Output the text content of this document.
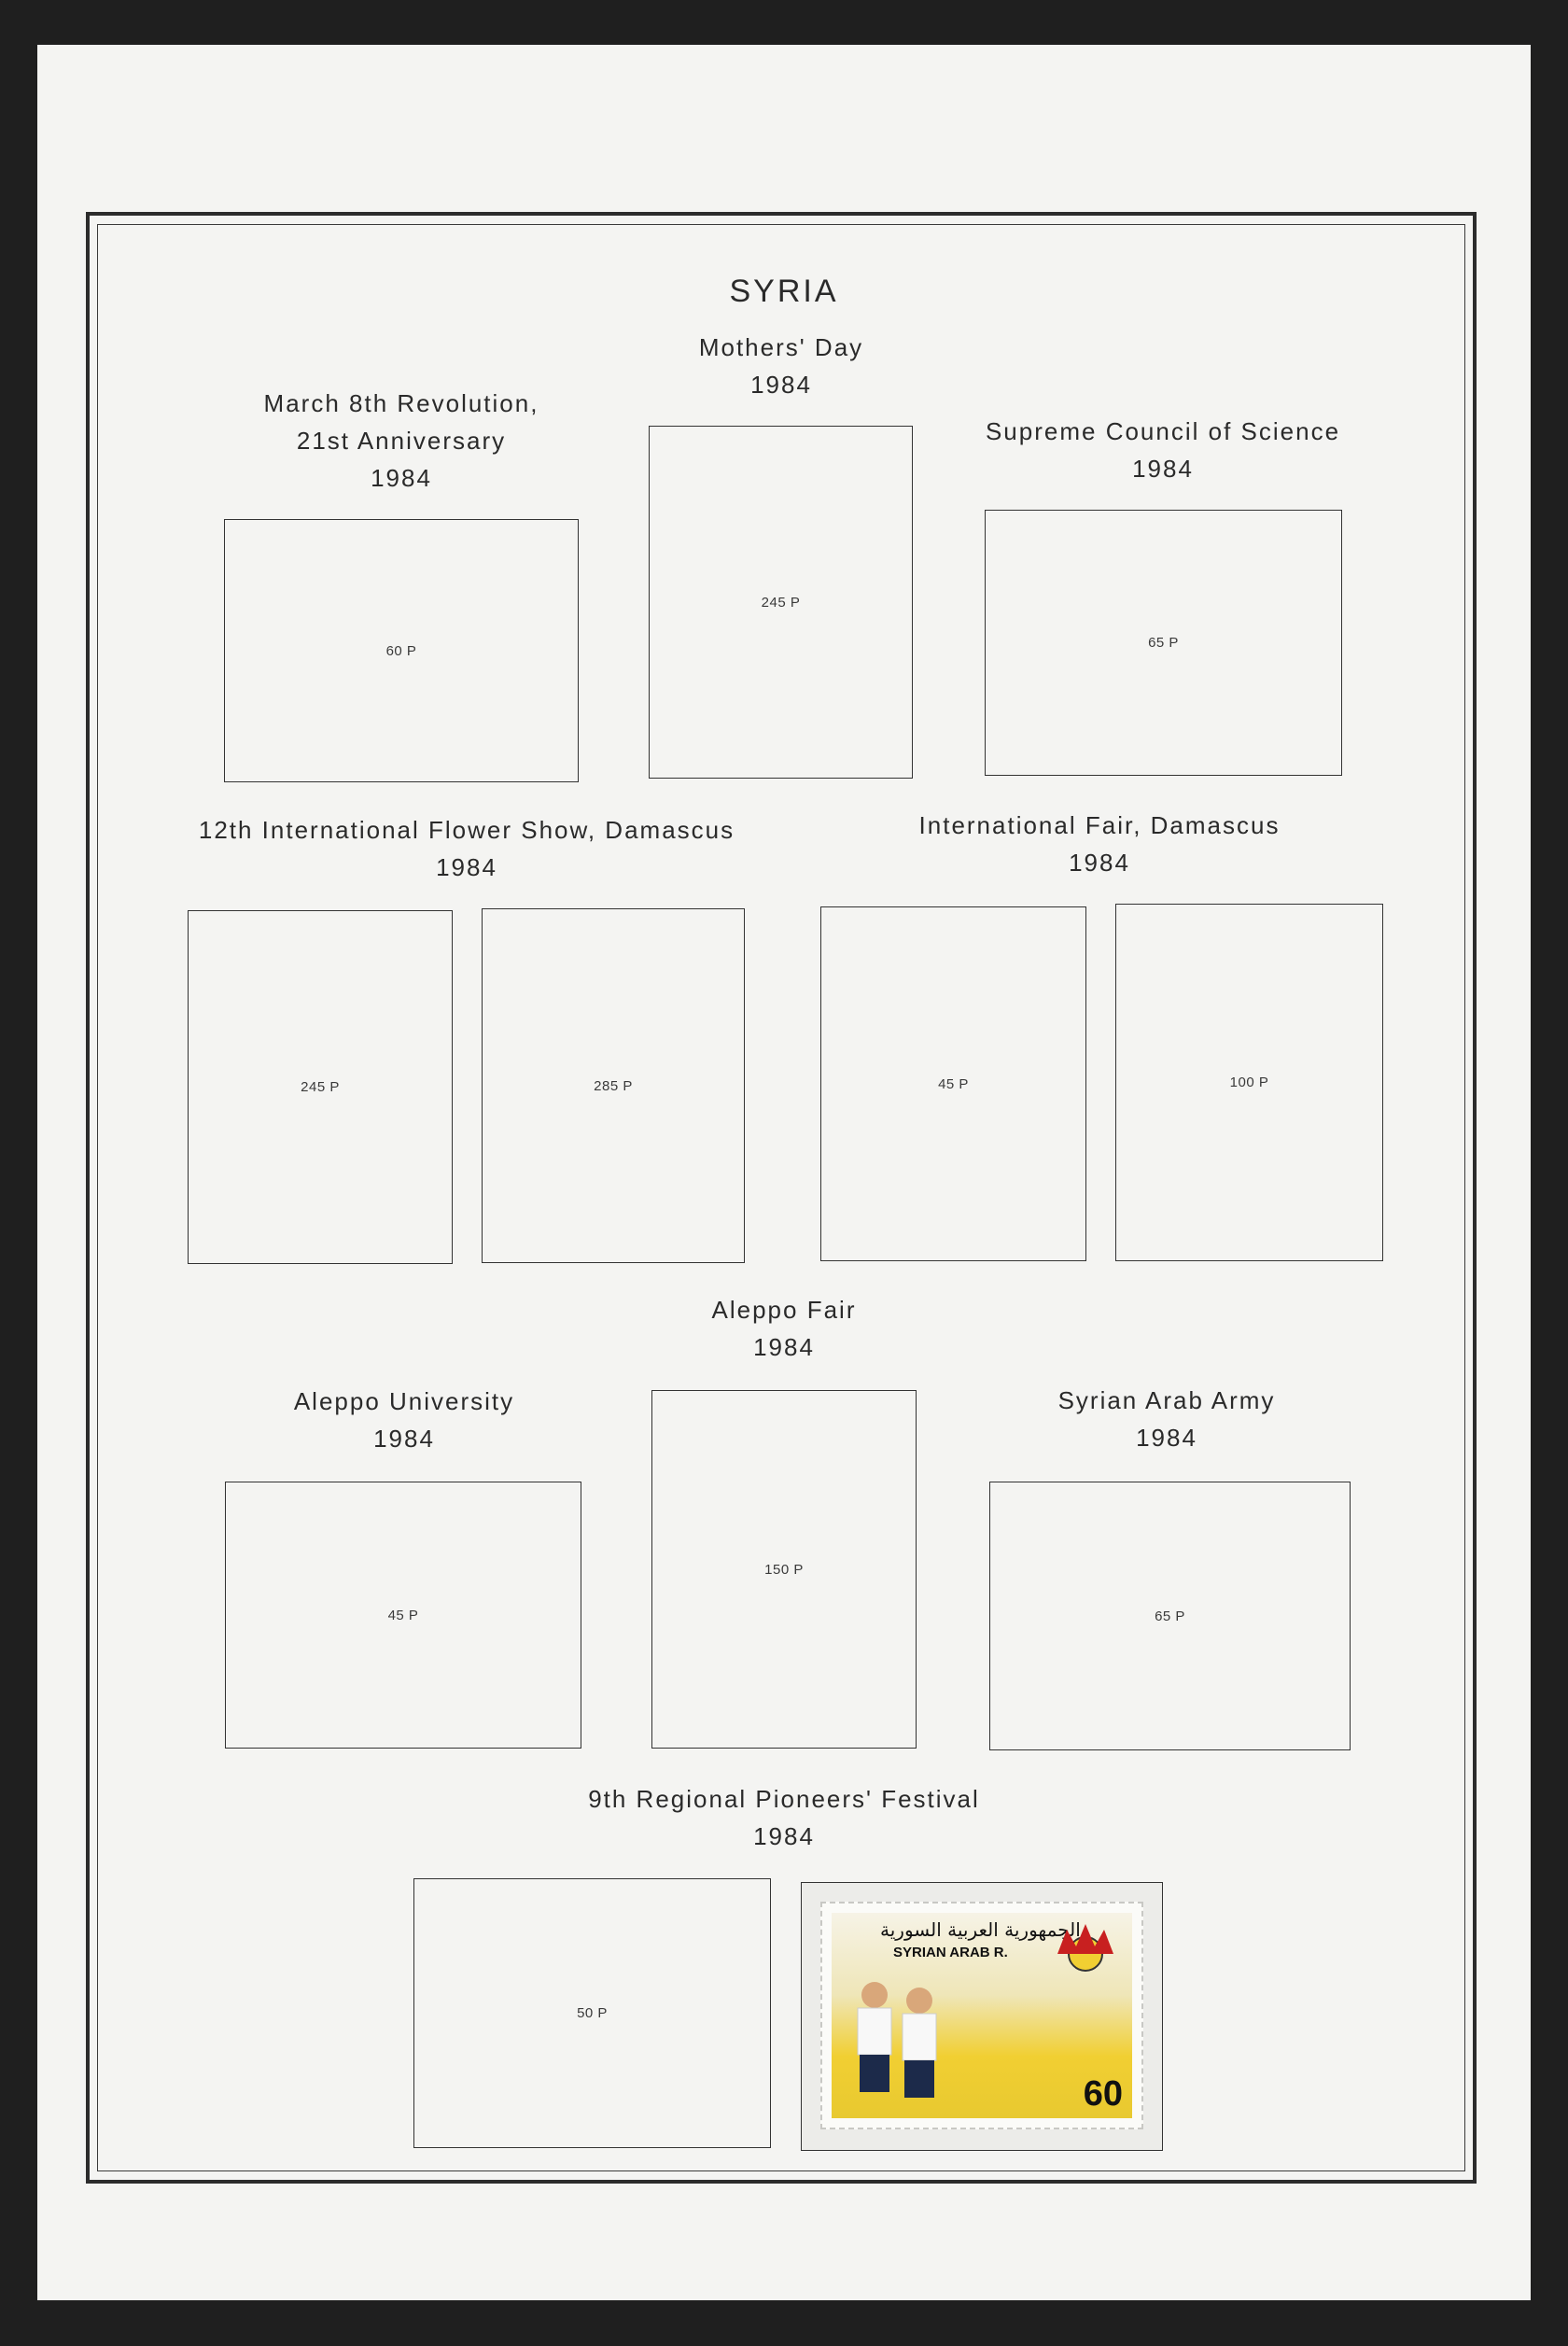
SYRIA
March 8th Revolution,
21st Anniversary
1984
60 P
Mothers' Day
1984
245 P
Supreme Council of Science
1984
65 P
12th International Flower Show, Damascus
1984
245 P	285 P
International Fair, Damascus
1984
45 P	100 P
Aleppo Fair
1984
150 P
Aleppo University
1984
45 P
Syrian Arab Army
1984
65 P
9th Regional Pioneers' Festival
1984
50 P
الجمهورية العربية السورية
SYRIAN ARAB R.
60
